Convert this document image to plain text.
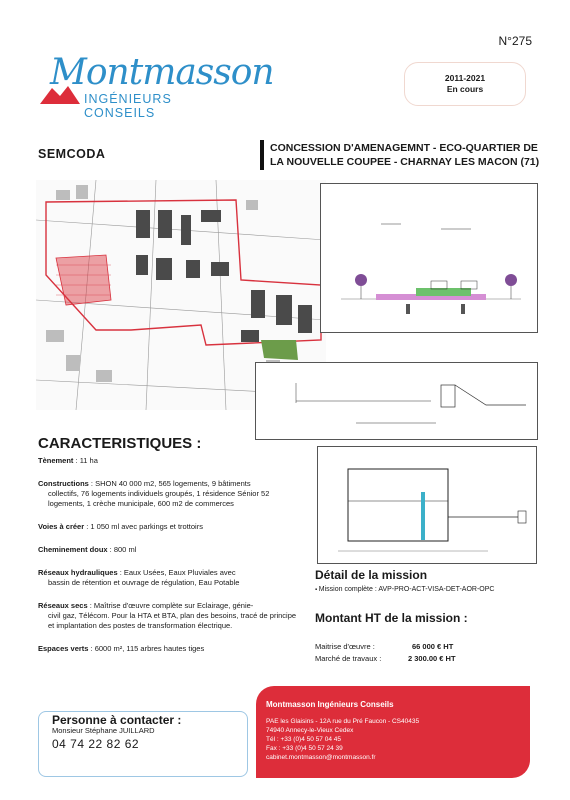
N°275
Montmasson
INGÉNIEURS CONSEILS
2011-2021
En cours
SEMCODA	CONCESSION D'AMENAGEMNT - ECO-QUARTIER DE LA NOUVELLE COUPEE - CHARNAY LES MACON (71)
CARACTERISTIQUES :

Tènement : 11 ha

Constructions : SHON 40 000 m2, 565 logements, 9 bâtiments
collectifs, 76 logements individuels groupés, 1 résidence Sénior 52 logements, 1 crèche municipale, 600 m2 de commerces

Voies à créer : 1 050 ml avec parkings et trottoirs

Cheminement doux : 800 ml

Réseaux hydrauliques : Eaux Usées, Eaux Pluviales avec
bassin de rétention et ouvrage de régulation, Eau Potable

Réseaux secs : Maîtrise d'œuvre complète sur Eclairage, génie-
civil gaz, Télécom. Pour la HTA et BTA, plan des besoins, tracé de principe et implantation des postes de transformation électrique.

Espaces verts : 6000 m², 115 arbres hautes tiges

Détail de la mission
▪ Mission complète : AVP-PRO-ACT-VISA-DET-AOR-OPC
Montant HT de la mission :
Maitrise d'œuvre :	66 000 € HT
Marché de travaux :	2 300.00 € HT
Personne à contacter :
Monsieur Stéphane JUILLARD
04 74 22 82 62
Montmasson Ingénieurs Conseils
PAE les Glaisins - 12A rue du Pré Faucon - CS40435
74940 Annecy-le-Vieux Cedex
Tél : +33 (0)4 50 57 04 45
Fax : +33 (0)4 50 57 24 39
cabinet.montmasson@montmasson.fr
